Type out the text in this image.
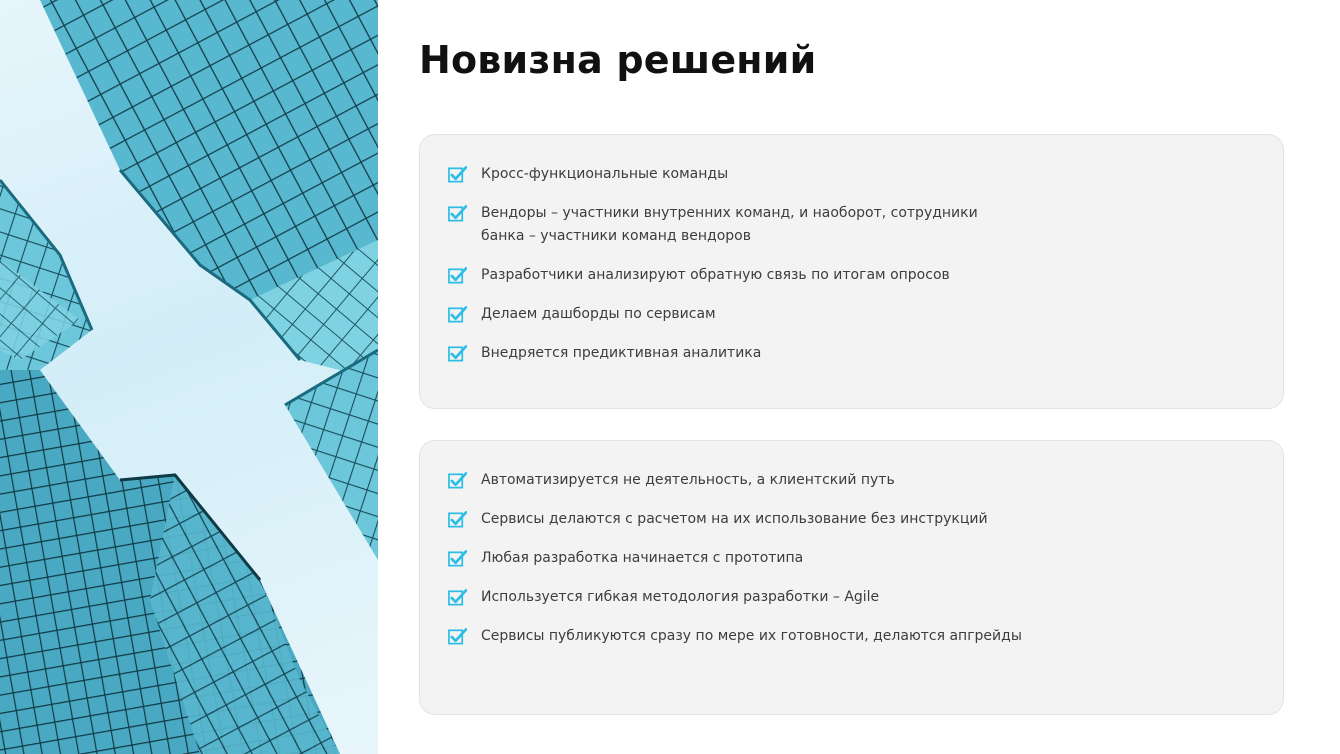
Новизна решений
Кросс-функциональные команды
Вендоры – участники внутренних команд, и наоборот, сотрудники банка – участники команд вендоров
Разработчики анализируют обратную связь по итогам опросов
Делаем дашборды по сервисам
Внедряется предиктивная аналитика
Автоматизируется не деятельность, а клиентский путь
Сервисы делаются с расчетом на их использование без инструкций
Любая разработка начинается с прототипа
Используется гибкая методология разработки – Agile
Сервисы публикуются сразу по мере их готовности, делаются апгрейды
